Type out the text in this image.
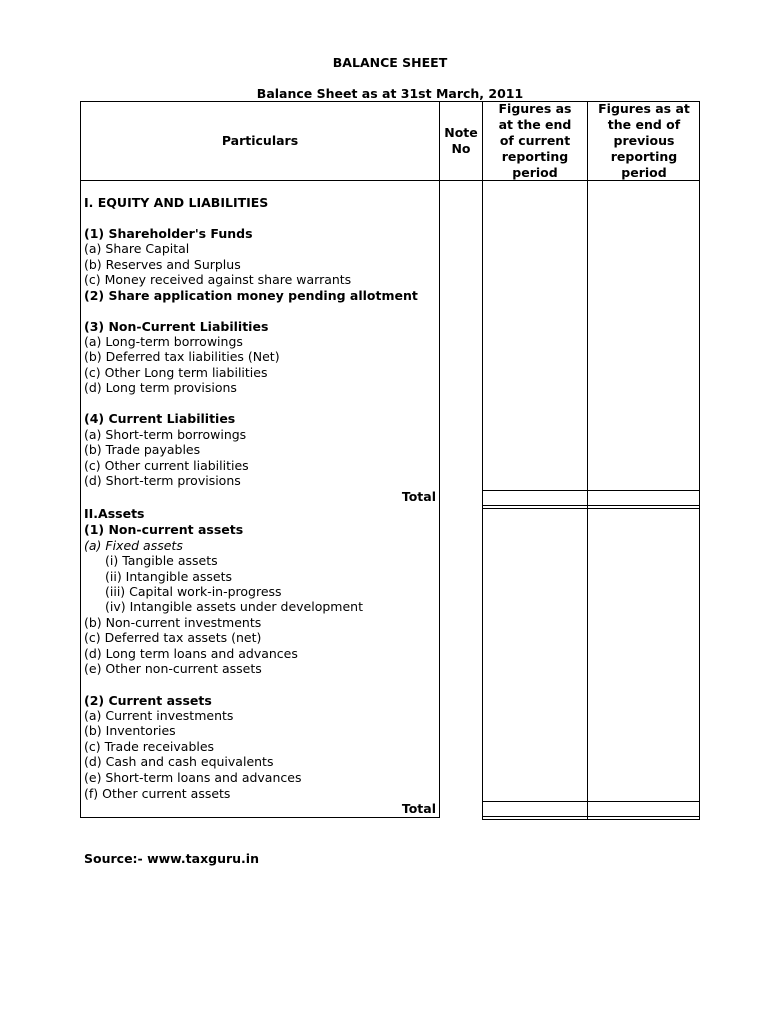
BALANCE SHEET
Balance Sheet as at 31st March, 2011
Particulars
Note No
Figures as at the end of current reporting period
Figures as at the end of previous reporting period
I. EQUITY AND LIABILITIES
(1) Shareholder's Funds
(a) Share Capital
(b) Reserves and Surplus
(c) Money received against share warrants
(2) Share application money pending allotment
(3) Non-Current Liabilities
(a) Long-term borrowings
(b) Deferred tax liabilities (Net)
(c) Other Long term liabilities
(d) Long term provisions
(4) Current Liabilities
(a) Short-term borrowings
(b) Trade payables
(c) Other current liabilities
(d) Short-term provisions
Total
II.Assets
(1) Non-current assets
(a) Fixed assets
(i) Tangible assets
(ii) Intangible assets
(iii) Capital work-in-progress
(iv) Intangible assets under development
(b) Non-current investments
(c) Deferred tax assets (net)
(d) Long term loans and advances
(e) Other non-current assets
(2) Current assets
(a) Current investments
(b) Inventories
(c) Trade receivables
(d) Cash and cash equivalents
(e) Short-term loans and advances
(f) Other current assets
Total
Source:- www.taxguru.in
